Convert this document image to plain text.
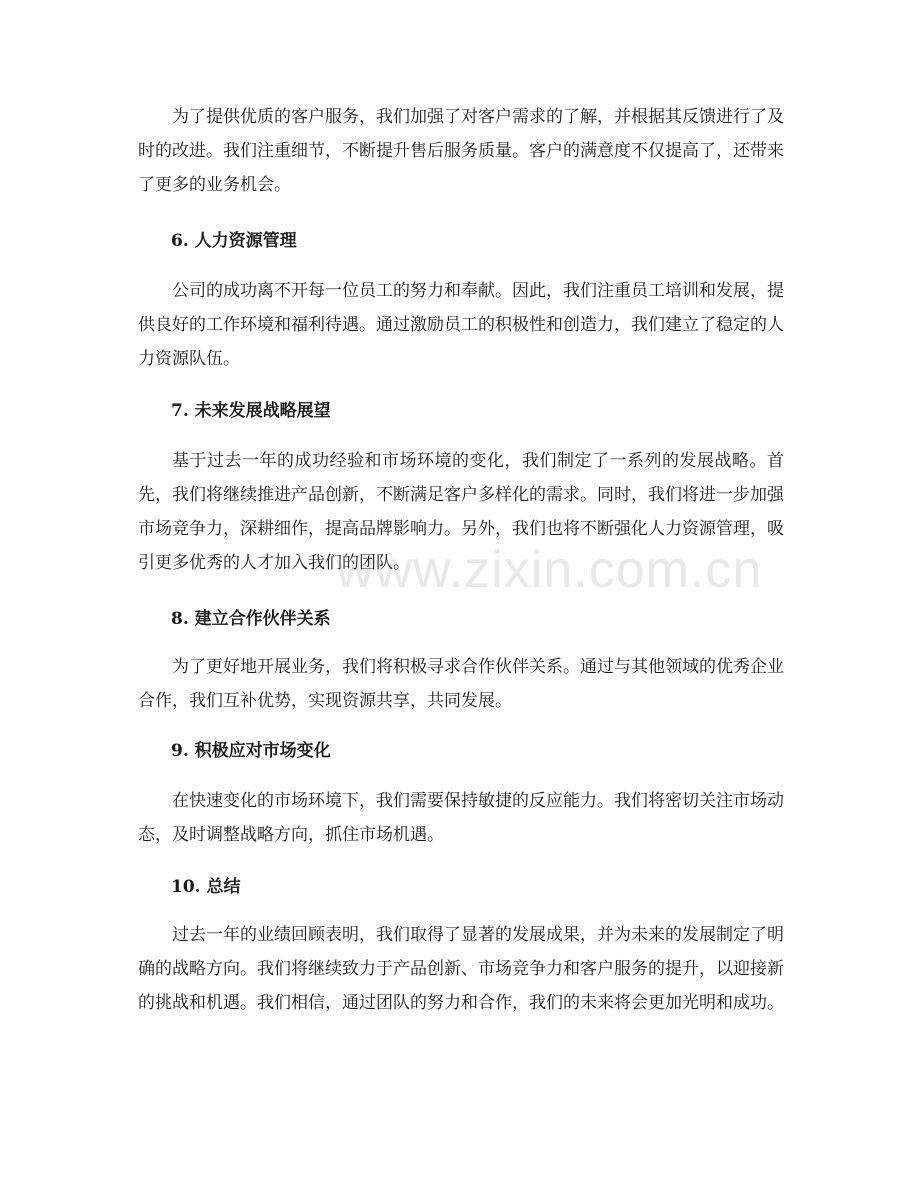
为了提供优质的客户服务，我们加强了对客户需求的了解，并根据其反馈进行了及时的改进。我们注重细节，不断提升售后服务质量。客户的满意度不仅提高了，还带来了更多的业务机会。

6. 人力资源管理

公司的成功离不开每一位员工的努力和奉献。因此，我们注重员工培训和发展，提供良好的工作环境和福利待遇。通过激励员工的积极性和创造力，我们建立了稳定的人力资源队伍。

7. 未来发展战略展望

基于过去一年的成功经验和市场环境的变化，我们制定了一系列的发展战略。首先，我们将继续推进产品创新，不断满足客户多样化的需求。同时，我们将进一步加强市场竞争力，深耕细作，提高品牌影响力。另外，我们也将不断强化人力资源管理，吸引更多优秀的人才加入我们的团队。

8. 建立合作伙伴关系

为了更好地开展业务，我们将积极寻求合作伙伴关系。通过与其他领域的优秀企业合作，我们互补优势，实现资源共享，共同发展。

9. 积极应对市场变化

在快速变化的市场环境下，我们需要保持敏捷的反应能力。我们将密切关注市场动态，及时调整战略方向，抓住市场机遇。

10. 总结

过去一年的业绩回顾表明，我们取得了显著的发展成果，并为未来的发展制定了明确的战略方向。我们将继续致力于产品创新、市场竞争力和客户服务的提升，以迎接新的挑战和机遇。我们相信，通过团队的努力和合作，我们的未来将会更加光明和成功。

www.zixin.com.cn
